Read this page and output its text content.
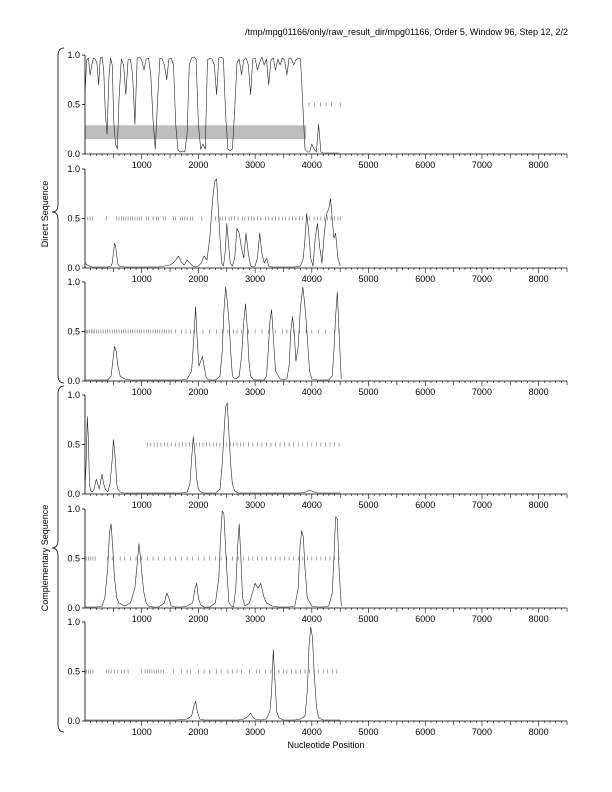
/tmp/mpg01166/only/raw_result_dir/mpg01166, Order 5, Window 96, Step 12, 2/2
0.0
0.5
1.0
1000	2000	3000	4000	5000	6000	7000	8000
0.0
0.5
1.0
1000	2000	3000	4000	5000	6000	7000	8000
0.0
0.5
1.0
1000	2000	3000	4000	5000	6000	7000	8000
0.0
0.5
1.0
1000	2000	3000	4000	5000	6000	7000	8000
0.0
0.5
1.0
1000	2000	3000	4000	5000	6000	7000	8000
0.0
0.5
1.0
1000	2000	3000	4000	5000	6000	7000	8000
Direct Sequence
Complementary Sequence
Nucleotide Position
